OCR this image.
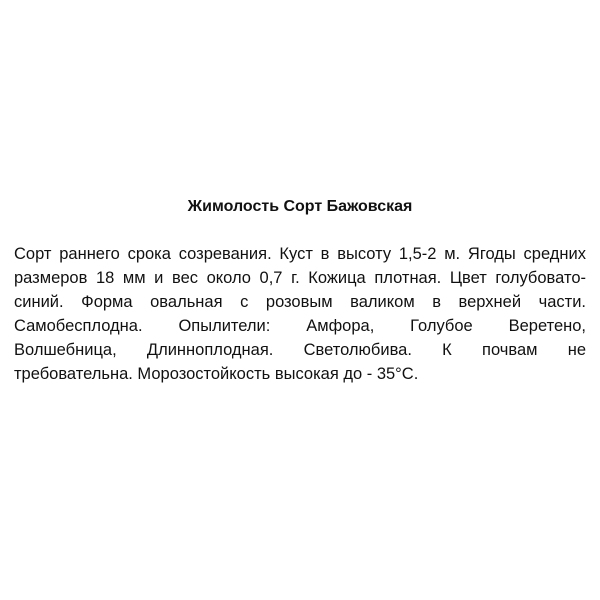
Жимолость Сорт Бажовская
Сорт раннего срока созревания. Куст в высоту 1,5-2 м. Ягоды средних
размеров 18 мм и вес около 0,7 г. Кожица плотная. Цвет голубовато-
синий. Форма овальная с розовым валиком в верхней части.
Самобесплодна. Опылители: Амфора, Голубое Веретено,
Волшебница, Длинноплодная. Светолюбива. К почвам не
требовательна. Морозостойкость высокая до - 35°С.
